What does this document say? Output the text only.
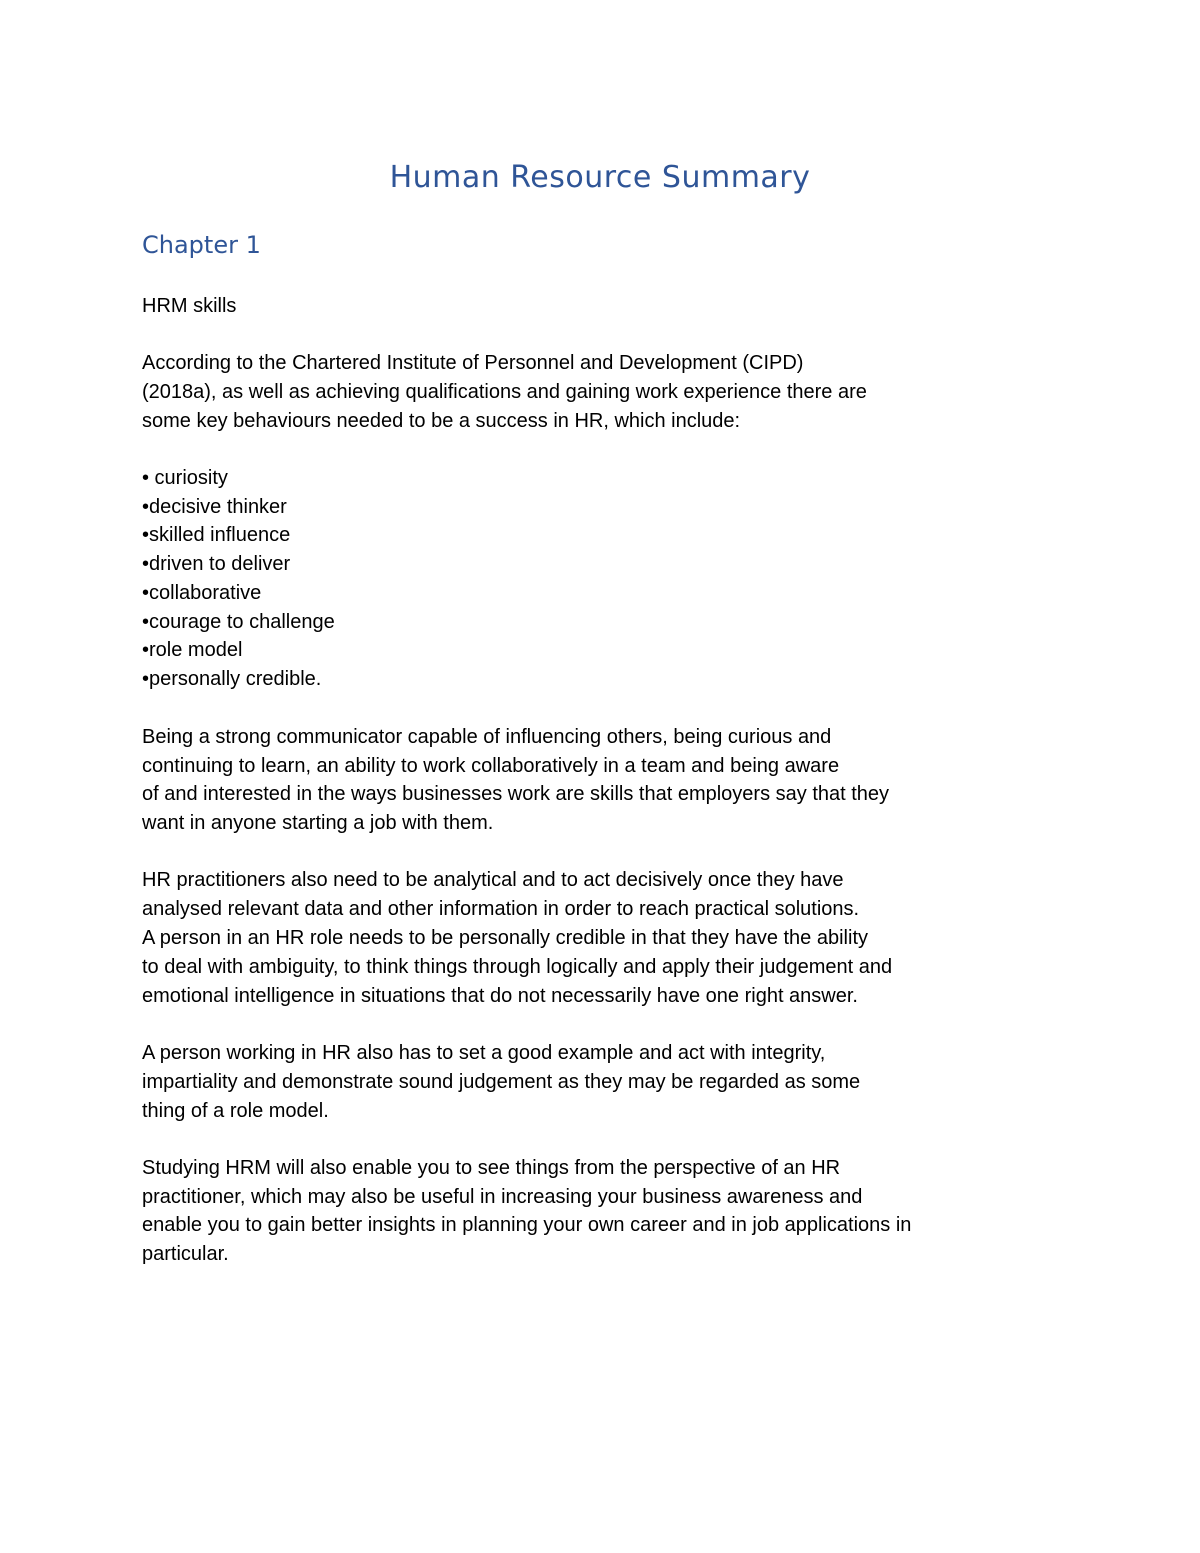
Human Resource Summary
Chapter 1
HRM skills
According to the Chartered Institute of Personnel and Development (CIPD)
(2018a), as well as achieving qualifications and gaining work experience there are
some key behaviours needed to be a success in HR, which include:
• curiosity
•decisive thinker
•skilled influence
•driven to deliver
•collaborative
•courage to challenge
•role model
•personally credible.
Being a strong communicator capable of influencing others, being curious and
continuing to learn, an ability to work collaboratively in a team and being aware
of and interested in the ways businesses work are skills that employers say that they
want in anyone starting a job with them.
HR practitioners also need to be analytical and to act decisively once they have
analysed relevant data and other information in order to reach practical solutions.
A person in an HR role needs to be personally credible in that they have the ability
to deal with ambiguity, to think things through logically and apply their judgement and
emotional intelligence in situations that do not necessarily have one right answer.
A person working in HR also has to set a good example and act with integrity,
impartiality and demonstrate sound judgement as they may be regarded as some
thing of a role model.
Studying HRM will also enable you to see things from the perspective of an HR
practitioner, which may also be useful in increasing your business awareness and
enable you to gain better insights in planning your own career and in job applications in
particular.
